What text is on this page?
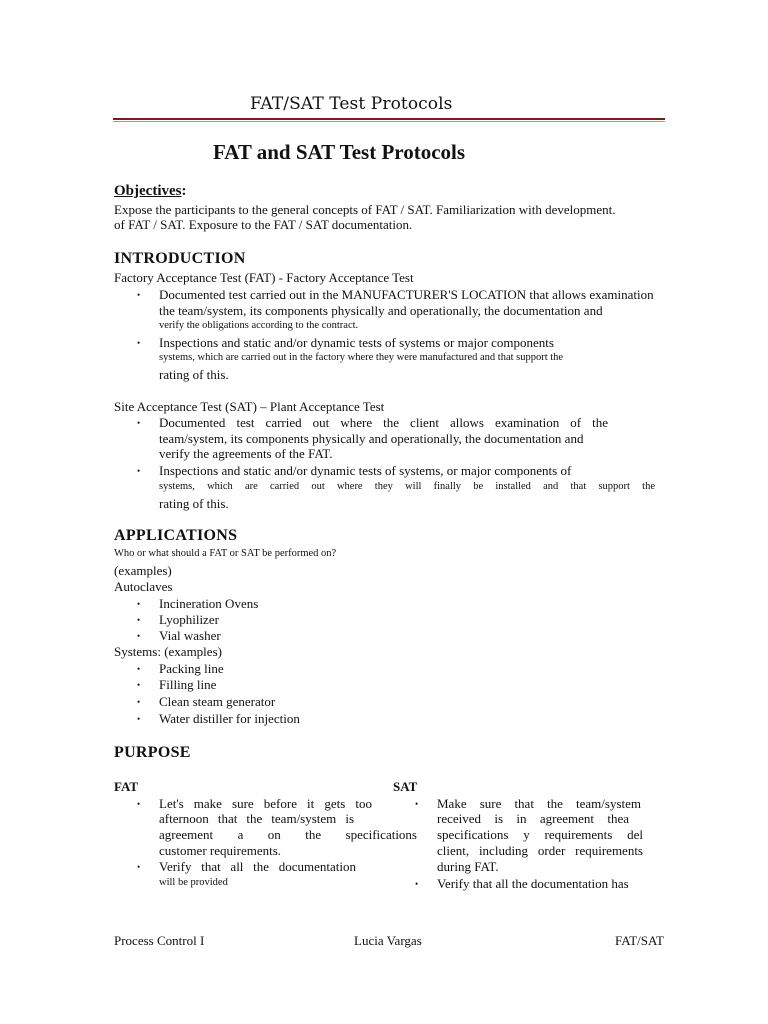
FAT/SAT Test Protocols
FAT and SAT Test Protocols
Objectives:
Expose the participants to the general concepts of FAT / SAT. Familiarization with development.
of FAT / SAT. Exposure to the FAT / SAT documentation.
INTRODUCTION
Factory Acceptance Test (FAT) - Factory Acceptance Test
• Documented test carried out in the MANUFACTURER'S LOCATION that allows examination
the team/system, its components physically and operationally, the documentation and
verify the obligations according to the contract.
• Inspections and static and/or dynamic tests of systems or major components
systems, which are carried out in the factory where they were manufactured and that support the
rating of this.
Site Acceptance Test (SAT) – Plant Acceptance Test
• Documented test carried out where the client allows examination of the
team/system, its components physically and operationally, the documentation and
verify the agreements of the FAT.
• Inspections and static and/or dynamic tests of systems, or major components of
systems, which are carried out where they will finally be installed and that support the
rating of this.
APPLICATIONS
Who or what should a FAT or SAT be performed on?
(examples)
Autoclaves
• Incineration Ovens
• Lyophilizer
• Vial washer
Systems: (examples)
• Packing line
• Filling line
• Clean steam generator
• Water distiller for injection
PURPOSE
FAT	SAT
• Let's make sure before it gets too
afternoon that the team/system is
agreement a on the specifications
customer requirements.
• Verify that all the documentation
will be provided
• Make sure that the team/system
received is in agreement thea
specifications y requirements del
client, including order requirements
during FAT.
• Verify that all the documentation has
Process Control I	Lucia Vargas	FAT/SAT
